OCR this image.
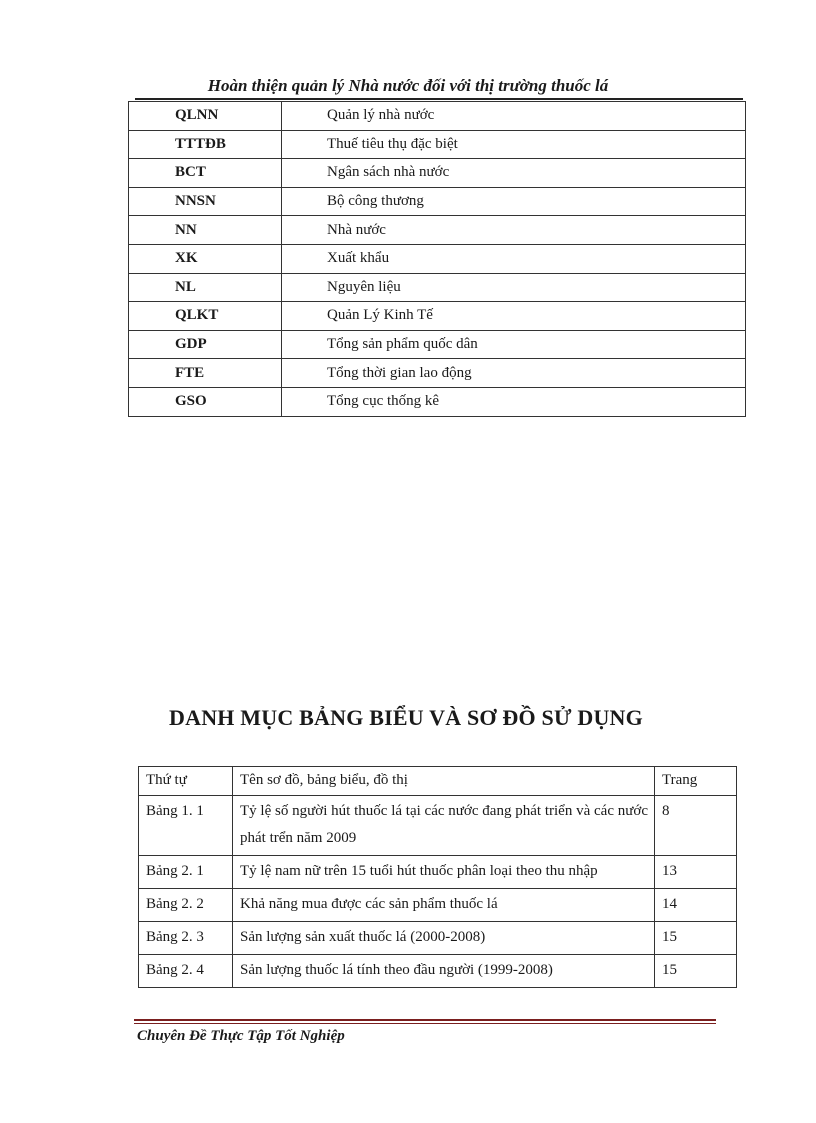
Hoàn thiện quản lý Nhà nước đối với thị trường thuốc lá
QLNN	Quản lý nhà nước
TTTĐB	Thuế tiêu thụ đặc biệt
BCT	Ngân sách nhà nước
NNSN	Bộ công thương
NN	Nhà nước
XK	Xuất khẩu
NL	Nguyên liệu
QLKT	Quản Lý Kinh Tế
GDP	Tổng sản phẩm quốc dân
FTE	Tổng thời gian lao động
GSO	Tổng cục thống kê
DANH MỤC BẢNG BIỂU VÀ SƠ ĐỒ SỬ DỤNG
Thứ tự	Tên sơ đồ, bảng biểu, đồ thị	Trang
Bảng 1. 1	Tỷ lệ số người hút thuốc lá tại các nước đang phát triển và các nước phát trển năm 2009	8
Bảng 2. 1	Tỷ lệ nam nữ trên 15 tuổi hút thuốc phân loại theo thu nhập	13
Bảng 2. 2	Khả năng mua được các sản phẩm thuốc lá	14
Bảng 2. 3	Sản lượng sản xuất thuốc lá (2000-2008)	15
Bảng 2. 4	Sản lượng thuốc lá tính theo đầu người (1999-2008)	15
Chuyên Đề Thực Tập Tốt Nghiệp
